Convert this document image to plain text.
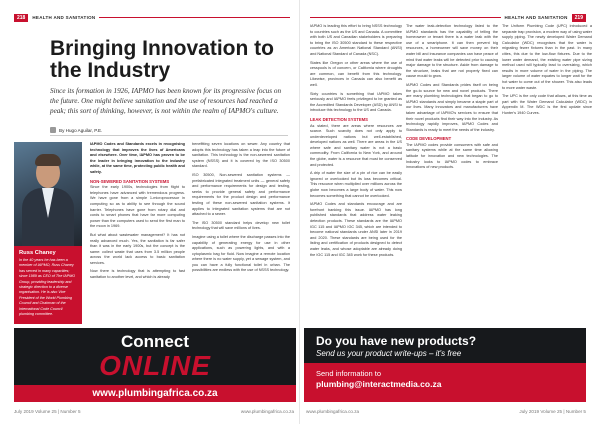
218	HEALTH AND SANITATION
Bringing Innovation to the Industry

Since its formation in 1926, IAPMO has been known for its progressive focus on the future. One might believe sanitation and the use of resources had reached a peak; this sort of thinking, however, is not within the realm of IAPMO's culture.

By Hugo Aguilar, P.E.
Russ Chaney
In the 40 years he has been a member of IAPMO, Russ Chaney has served in many capacities; since 1989 as CEO of The IAPMO Group, providing leadership and strategic direction to a diverse organisation. He is also Vice President of the World Plumbing Council and Chairman of the International Code Council plumbing committee.

IAPMO Codes and Standards excels in recognising technology that improves the lives of Americans and elsewhere. Over time, IAPMO has proven to be the leader in bringing innovation to the industry while, at the same time, protecting public health and safety.

NON-SEWERED SANITATION SYSTEMS

Since the early 1900s, technologies from flight to telephones have advanced with tremendous progress. We have gone from a simple 1-microprocessor in computing so as to ability to see through the sound barrier. Telephones have gone from rotary dial and cords to smart phones that have far more computing power than the computers used to send the first man to the moon in 1969.

But what about wastewater management? It has not really advanced much. Yes, the sanitation is far safer than it was in the early 1900s, but the concept is the same: collect waste that uses from 3.5 million people across the world lack access to basic sanitation services.

Now there is technology that is attempting to fast sanitation to another level, and which is already

benefitting seven locations on sewer. Any country that adopts this technology has taken a leap into the future of sanitation. This technology is the non-sewered sanitation system (NSSS) and it is covered by the ISO 30500 standard.

ISO 30500, Non-sewered sanitation systems — prefabricated integrated treatment units — general safety and performance requirements for design and testing, seeks to provide general safety and performance requirements for the product design and performance testing of these non-sewered sanitation systems. It applies to integrated sanitation systems that are not attached to a sewer.

The ISO 30500 standard helps develop new toilet technology that will save millions of lives.

Imagine using a toilet where the discharge passes into the capability of generating energy for use in other applications, such as powering lights, and with a cytoplasmic bag for fluid. Now imagine a remote location where there is no water supply, yet a sewage system, and you can have a fully functional toilet in urban. The possibilities are endless with the use of NSSS technology.

Connect
ONLINE
www.plumbingafrica.co.za
July 2019 Volume 25 | Number 5	www.plumbingafrica.co.za
HEALTH AND SANITATION	219

IAPMO is leading this effort to bring NSSS technology to countries such as the US and Canada. A committee with both US and Canadian stakeholders is preparing to bring the ISO 30500 standard to these respective countries as an American National Standard (ANSI) and National Standard of Canada (NSC).

States like Oregon or other areas where the use of cesspools is of concern, or California where droughts are common, can benefit from this technology. Likewise, provinces in Canada can also benefit as well.

Sixty countries is something that IAPMO takes seriously and IAPMO feels privileged to be granted as the Accredited Standards Developer (ASD) by ANSI to introduce this technology to the US and Canada.

LEAK DETECTION SYSTEMS

As stated, there are areas where resources are scarce. Such scarcity does not only apply to underdeveloped nations but well-established, developed nations as well. There are areas in the US where safe and sanitary water is not a basic commodity. From California to New York, and around the globe, water is a resource that must be conserved and protected.

A drip of water the size of a pin of rice can be easily ignored or overlooked but its loss becomes critical. This resource when multiplied over millions across the globe now becomes a large body of water. This now becomes something that cannot be overlooked.

IAPMO Codes and standards encourage and are forefront banking this issue. IAPMO has long published standards that address water leaking detection products. These standards are the IAPMO IGC 115 and IAPMO IGC 345, which are intended to become national standards under ANSI later in 2019 and 2020. These standards are being used for the listing and certification of products designed to detect water leaks, and whose adoptable are already doing the IGC 115 and IGC 345 work for these products.

The water leak-detection technology listed to the IAPMO standards has the capability of telling the homeowner or tenant there is a water leak with the use of a smartphone. It can then prevent big resources, a homeowner will save money on their water bill and insurance companies can have peace of mind that water leaks will be detected prior to causing major damage to the structure. Aside from damage to the structure, leaks that are not properly fixed can cause mould to grow.

IAPMO Codes and Standards prides itself on being the go-to source for new and novel products. There are many plumbing technologies that began to go to IAPMO standards and simply became a staple part of our lives. Many innovators and manufacturers have taken advantage of IAPMO's services to ensure that their novel products find their way into the industry. As technology rapidly improves, IAPMO Codes and Standards is ready to meet the needs of the industry.

CODE DEVELOPMENT

The IAPMO codes provide consumers with safe and sanitary systems while at the same time allowing latitude for innovation and new technologies. The Industry looks to IAPMO codes to embrace innovations of new products.

The Uniform Plumbing Code (UPC) introduced a separate trap provision, a modern way of using water supply piping. The newly developed Water Demand Calculator (WDC) recognises that the water is migrating fewer fixtures than in the past. In many cities, this due to the low-flow fixtures. Due to the lower water demand, the existing water pipe sizing method used will typically lead to oversizing, which results in more volume of water in the piping. The larger volume of water equates to longer wait for the hot water to come out of the shower. This also leads to more water waste.

The UPC is the only code that allows, at this time as part with the Water Demand Calculator (WDC) in Appendix M. The WDC is the first update since Hunter's 1940 Curves.

Do you have new products?
Send us your product write-ups – it's free
Send information to
plumbing@interactmedia.co.za
www.plumbingafrica.co.za	July 2019 Volume 25 | Number 5
